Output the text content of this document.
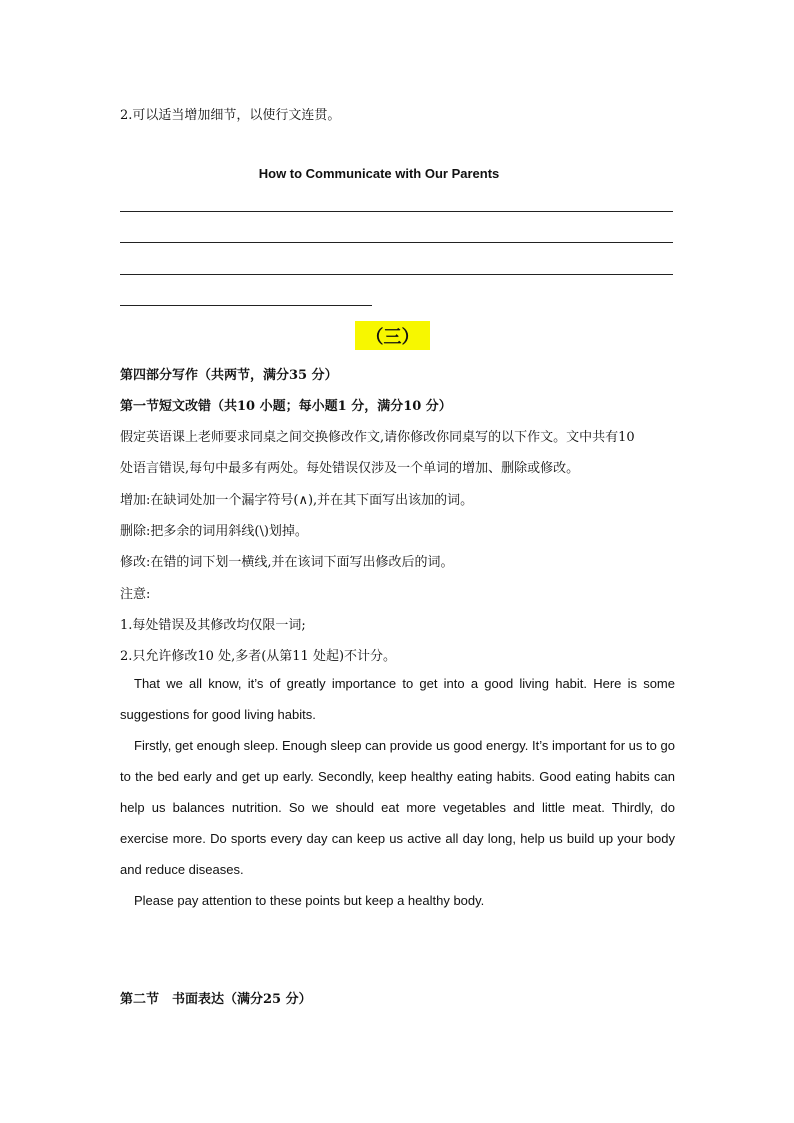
2.可以适当增加细节，以使行文连贯。
How to Communicate with Our Parents
（三）
第四部分写作（共两节，满分35 分）
第一节短文改错（共10 小题；每小题1 分，满分10 分）
假定英语课上老师要求同桌之间交换修改作文,请你修改你同桌写的以下作文。文中共有10
处语言错误,每句中最多有两处。每处错误仅涉及一个单词的增加、删除或修改。
增加:在缺词处加一个漏字符号(∧),并在其下面写出该加的词。
删除:把多余的词用斜线(\)划掉。
修改:在错的词下划一横线,并在该词下面写出修改后的词。
注意:
1.每处错误及其修改均仅限一词;
2.只允许修改10 处,多者(从第11 处起)不计分。

That we all know, it’s of greatly importance to get into a good living habit. Here is some suggestions for good living habits.

Firstly, get enough sleep. Enough sleep can provide us good energy. It’s important for us to go to the bed early and get up early. Secondly, keep healthy eating habits. Good eating habits can help us balances nutrition. So we should eat more vegetables and little meat. Thirdly, do exercise more. Do sports every day can keep us active all day long, help us build up your body and reduce diseases.

Please pay attention to these points but keep a healthy body.

第二节　书面表达（满分25 分）
